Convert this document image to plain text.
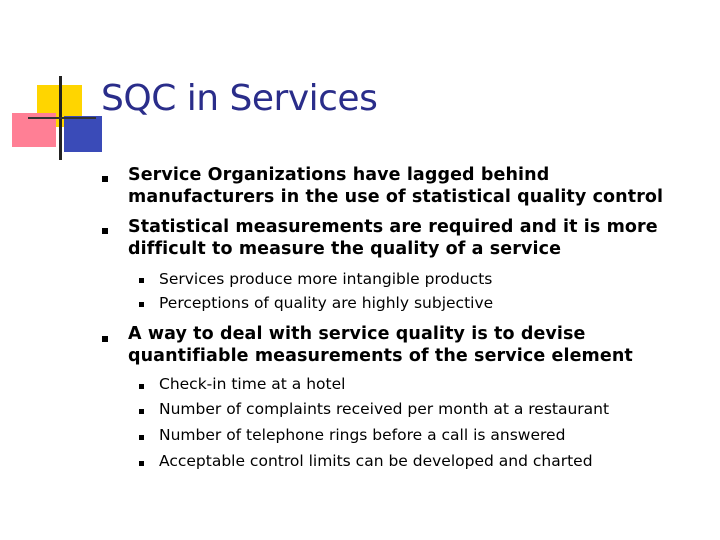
SQC in Services

Service Organizations have lagged behind

manufacturers in the use of statistical quality control

Statistical measurements are required and it is more

difficult to measure the quality of a service

Services produce more intangible products

Perceptions of quality are highly subjective

A way to deal with service quality is to devise

quantifiable measurements of the service element

Check-in time at a hotel

Number of complaints received per month at a restaurant

Number of telephone rings before a call is answered

Acceptable control limits can be developed and charted
